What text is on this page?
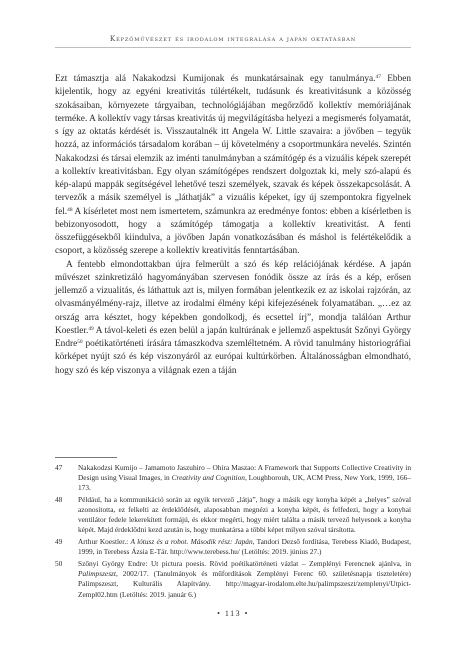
Képzőművészet és irodalom integrálása a japán oktatásban

Ezt támasztja alá Nakakodzsi Kumijonak és munkatársainak egy tanulmánya.$^{47}$ Ebben kijelentik, hogy az egyéni kreativitás túlértékelt, tudásunk és kreativitásunk a közösség szokásaiban, környezete tárgyaiban, technológiájában megőrződő kollektív memóriájának terméke. A kollektív vagy társas kreativitás új megvilágításba helyezi a megismerés folyamatát, s így az oktatás kérdését is. Visszautalnék itt Angela W. Little szavaira: a jövőben – tegyük hozzá, az információs társadalom korában – új követelmény a csoportmunkára nevelés. Szintén Nakakodzsi és társai elemzik az iménti tanulmányban a számítógép és a vizuális képek szerepét a kollektív kreativitásban. Egy olyan számítógépes rendszert dolgoztak ki, mely szó-alapú és kép-alapú mappák segítségével lehetővé teszi személyek, szavak és képek összekapcsolását. A tervezők a másik személyel is „láthatják” a vizuális képeket, így új szempontokra figyelnek fel.$^{48}$ A kísérletet most nem ismertetem, számunkra az eredménye fontos: ebben a kísérletben is bebizonyosodott, hogy a számítógép támogatja a kollektív kreativitást. A fenti összefüggésekből kiindulva, a jövőben Japán vonatkozásában és máshol is felértékelődik a csoport, a közösség szerepe a kollektív kreativitás fenntartásában.

A fentebb elmondottakban újra felmerült a szó és kép relációjának kérdése. A japán művészet szinkretizáló hagyományában szervesen fonódik össze az írás és a kép, erősen jellemző a vizualitás, és láthattuk azt is, milyen formában jelentkezik ez az iskolai rajzórán, az olvasmányélmény-rajz, illetve az irodalmi élmény képi kifejezésének folyamatában. „…ez az ország arra késztet, hogy képekben gondolkodj, és ecsettel írj”, mondja találóan Arthur Koestler.$^{49}$ A távol-keleti és ezen belül a japán kultúrának e jellemző aspektusát Szőnyi György Endre$^{50}$ poétikatörténeti írására támaszkodva szemléltetném. A rövid tanulmány historiográfiai körképet nyújt szó és kép viszonyáról az európai kultúrkörben. Általánosságban elmondható, hogy szó és kép viszonya a világnak ezen a táján

47 Nakakodzsi Kumijo – Jamamoto Jaszuhiro – Ohira Maszao: A Framework that Supports Collective Creativity in Design using Visual Images, in Creativity and Cognition, Loughborouh, UK, ACM Press, New York, 1999, 166–173.
48 Például, ha a kommunikáció során az egyik tervező „látja”, hogy a másik egy konyha képét a „helyes” szóval azonosította, ez felkelti az érdeklődését, alaposabban megnézi a konyha képét, és felfedezi, hogy a konyhai ventilátor fedele lekerekített formájú, és ekkor megérti, hogy miért találta a másik tervező helyesnek a konyha képét. Majd érdeklődni kezd azután is, hogy munkatársa a többi képet milyen szóval társította.
49 Arthur Koestler.: A lótusz és a robot. Második rész: Japán, Tandori Dezső fordítása, Terebess Kiadó, Budapest, 1999, in Terebess Ázsia E-Tár. http://www.terebess.hu/ (Letöltés: 2019. június 27.)
50 Szőnyi György Endre: Ut pictura poesis. Rövid poétikatörténeti vázlat – Zemplényi Ferencnek ajánlva, in Palimpszeszt, 2002/17. (Tanulmányok és műfordítások Zemplényi Ferenc 60. születésnapja tiszteletére) Palimpszeszt, Kulturális Alapítvány. http://magyar-irodalom.elte.hu/palimpszeszt/zemplenyi/Utpict-Zempl02.htm (Letöltés: 2019. január 6.)
• 113 •
